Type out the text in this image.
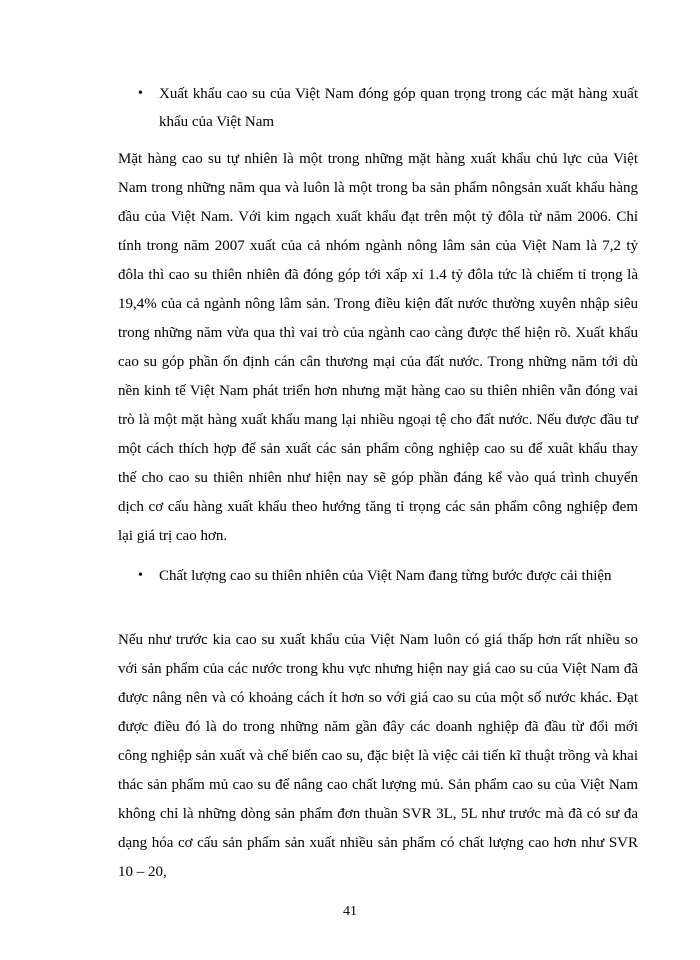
• Xuất khẩu cao su của Việt Nam đóng góp quan trọng trong các mặt hàng xuất khẩu của Việt Nam

Mặt hàng cao su tự nhiên là một trong những mặt hàng xuất khẩu chủ lực của Việt Nam trong những năm qua và luôn là một trong ba sản phẩm nôngsản xuất khẩu hàng đầu của Việt Nam. Với kim ngạch xuất khẩu đạt trên một tỷ đôla từ năm 2006. Chỉ tính trong năm 2007 xuất của cả nhóm ngành nông lâm sản của Việt Nam là 7,2 tỷ đôla thì cao su thiên nhiên đã đóng góp tới xấp xỉ 1.4 tỷ đôla tức là chiếm tỉ trọng là 19,4% của cả ngành nông lâm sản. Trong điều kiện đất nước thường xuyên nhập siêu trong những năm vừa qua thì vai trò của ngành cao càng được thể hiện rõ. Xuất khẩu cao su góp phần ổn định cán cân thương mại của đất nước. Trong những năm tới dù nền kinh tế Việt Nam phát triển hơn nhưng mặt hàng cao su thiên nhiên vẫn đóng vai trò là một mặt hàng xuất khẩu mang lại nhiều ngoại tệ cho đất nước. Nếu được đầu tư một cách thích hợp để sản xuất các sản phẩm công nghiệp cao su để xuât khẩu thay thế cho cao su thiên nhiên như hiện nay sẽ góp phần đáng kể vào quá trình chuyển dịch cơ cấu hàng xuất khẩu theo hướng tăng tỉ trọng các sản phẩm công nghiệp đem lại giá trị cao hơn.

• Chất lượng cao su thiên nhiên của Việt Nam đang từng bước được cải thiện

Nếu như trước kia cao su xuất khẩu của Việt Nam luôn có giá thấp hơn rất nhiều so với sản phẩm của các nước trong khu vực nhưng hiện nay giá cao su của Việt Nam đã được nâng nên và có khoảng cách ít hơn so với giá cao su của một số nước khác. Đạt được điều đó là do trong những năm gần đây các doanh nghiệp đã đầu từ đổi mới công nghiệp sản xuất và chế biến cao su, đặc biệt là việc cải tiến kĩ thuật trồng và khai thác sản phẩm mủ cao su để nâng cao chất lượng mủ. Sản phẩm cao su của Việt Nam không chỉ là những dòng sản phẩm đơn thuần SVR 3L, 5L như trước mà đã có sư đa dạng hóa cơ cấu sản phẩm sản xuất nhiều sản phẩm có chất lượng cao hơn như SVR 10 – 20,

41
